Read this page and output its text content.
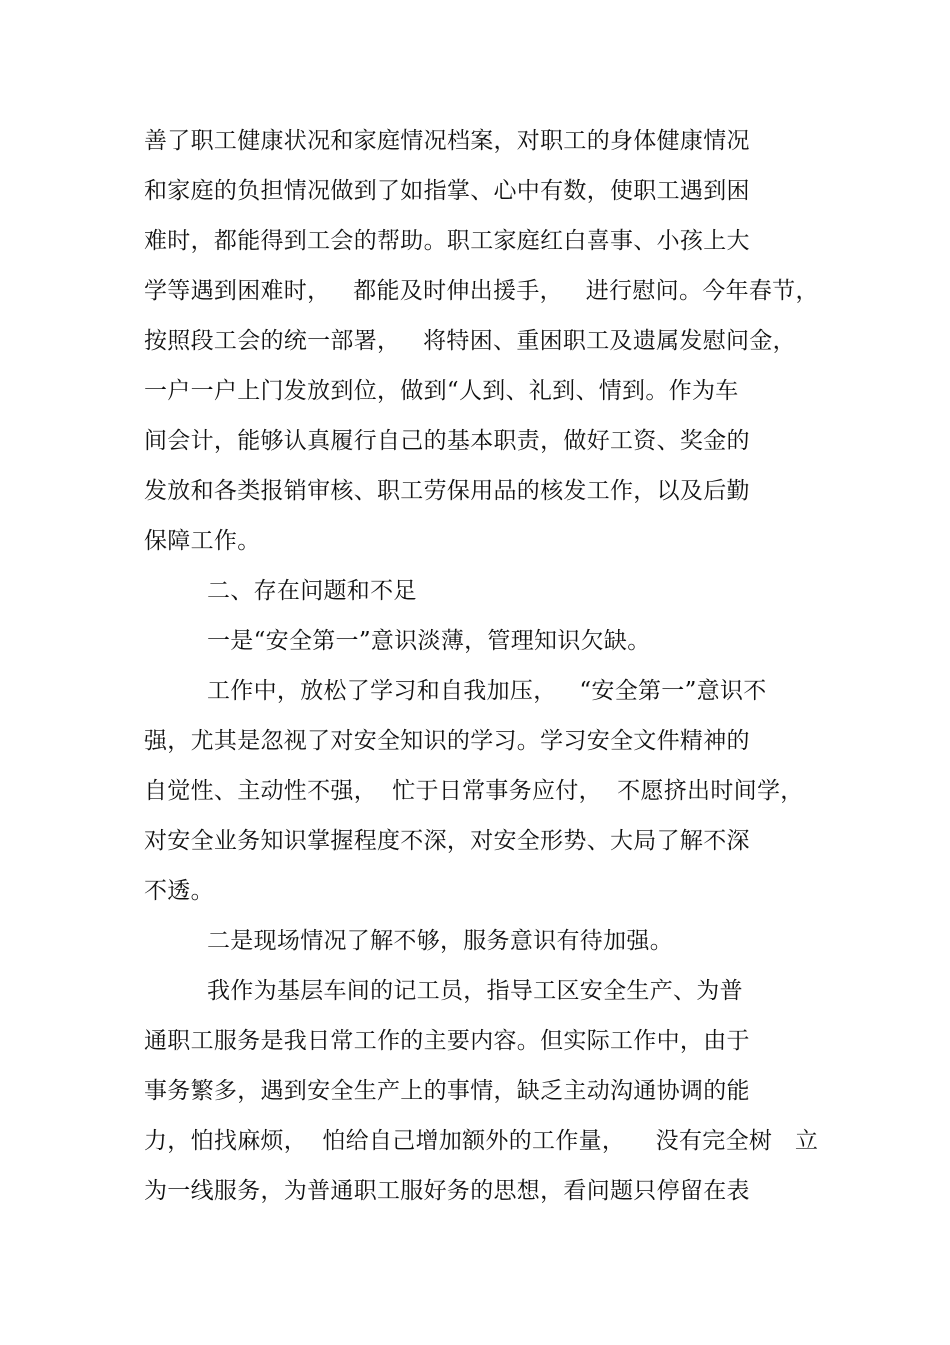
善了职工健康状况和家庭情况档案，对职工的身体健康情况
和家庭的负担情况做到了如指掌、心中有数，使职工遇到困
难时，都能得到工会的帮助。职工家庭红白喜事、小孩上大
学等遇到困难时，   都能及时伸出援手，   进行慰问。今年春节，
按照段工会的统一部署，   将特困、重困职工及遗属发慰问金，
一户一户上门发放到位，做到“人到、礼到、情到。作为车
间会计，能够认真履行自己的基本职责，做好工资、奖金的
发放和各类报销审核、职工劳保用品的核发工作，以及后勤
保障工作。
二、存在问题和不足
一是“安全第一”意识淡薄，管理知识欠缺。
工作中，放松了学习和自我加压，   “安全第一”意识不
强，尤其是忽视了对安全知识的学习。学习安全文件精神的
自觉性、主动性不强，  忙于日常事务应付，  不愿挤出时间学，
对安全业务知识掌握程度不深，对安全形势、大局了解不深
不透。
二是现场情况了解不够，服务意识有待加强。
我作为基层车间的记工员，指导工区安全生产、为普
通职工服务是我日常工作的主要内容。但实际工作中，由于
事务繁多，遇到安全生产上的事情，缺乏主动沟通协调的能
力，怕找麻烦，  怕给自己增加额外的工作量，    没有完全树   立
为一线服务，为普通职工服好务的思想，看问题只停留在表
